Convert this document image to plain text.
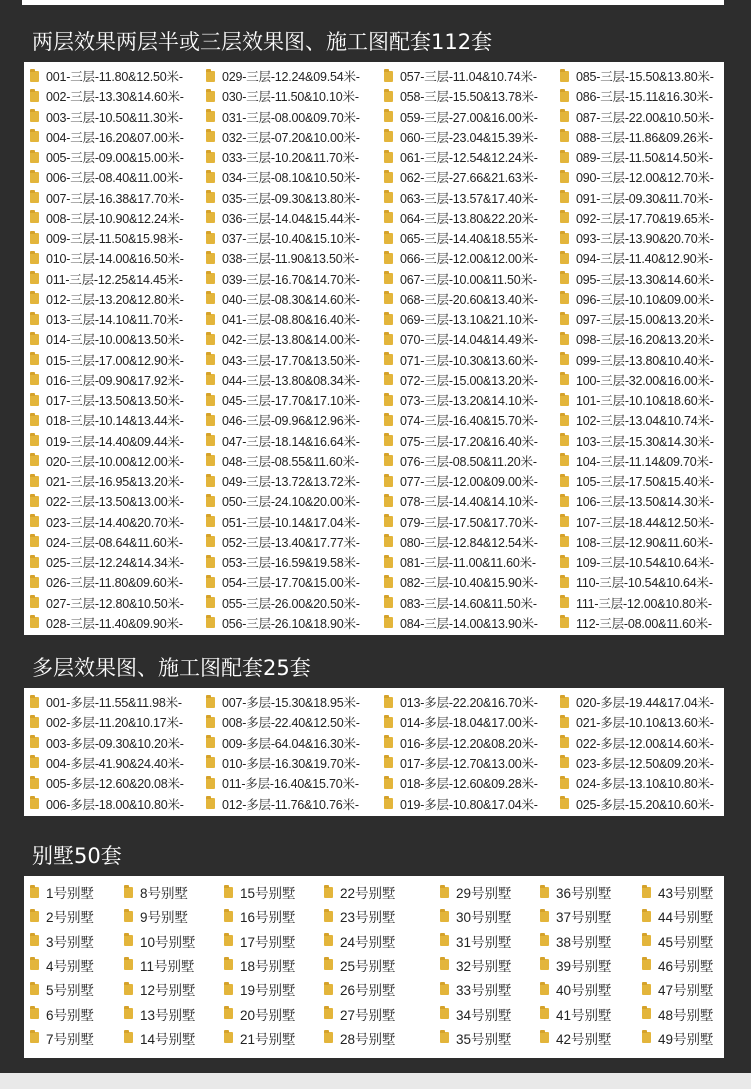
两层效果两层半或三层效果图、施工图配套112套
001-三层-11.80&12.50米-
002-三层-13.30&14.60米-
003-三层-10.50&11.30米-
004-三层-16.20&07.00米-
005-三层-09.00&15.00米-
006-三层-08.40&11.00米-
007-三层-16.38&17.70米-
008-三层-10.90&12.24米-
009-三层-11.50&15.98米-
010-三层-14.00&16.50米-
011-三层-12.25&14.45米-
012-三层-13.20&12.80米-
013-三层-14.10&11.70米-
014-三层-10.00&13.50米-
015-三层-17.00&12.90米-
016-三层-09.90&17.92米-
017-三层-13.50&13.50米-
018-三层-10.14&13.44米-
019-三层-14.40&09.44米-
020-三层-10.00&12.00米-
021-三层-16.95&13.20米-
022-三层-13.50&13.00米-
023-三层-14.40&20.70米-
024-三层-08.64&11.60米-
025-三层-12.24&14.34米-
026-三层-11.80&09.60米-
027-三层-12.80&10.50米-
028-三层-11.40&09.90米-
029-三层-12.24&09.54米-
030-三层-11.50&10.10米-
031-三层-08.00&09.70米-
032-三层-07.20&10.00米-
033-三层-10.20&11.70米-
034-三层-08.10&10.50米-
035-三层-09.30&13.80米-
036-三层-14.04&15.44米-
037-三层-10.40&15.10米-
038-三层-11.90&13.50米-
039-三层-16.70&14.70米-
040-三层-08.30&14.60米-
041-三层-08.80&16.40米-
042-三层-13.80&14.00米-
043-三层-17.70&13.50米-
044-三层-13.80&08.34米-
045-三层-17.70&17.10米-
046-三层-09.96&12.96米-
047-三层-18.14&16.64米-
048-三层-08.55&11.60米-
049-三层-13.72&13.72米-
050-三层-24.10&20.00米-
051-三层-10.14&17.04米-
052-三层-13.40&17.77米-
053-三层-16.59&19.58米-
054-三层-17.70&15.00米-
055-三层-26.00&20.50米-
056-三层-26.10&18.90米-
057-三层-11.04&10.74米-
058-三层-15.50&13.78米-
059-三层-27.00&16.00米-
060-三层-23.04&15.39米-
061-三层-12.54&12.24米-
062-三层-27.66&21.63米-
063-三层-13.57&17.40米-
064-三层-13.80&22.20米-
065-三层-14.40&18.55米-
066-三层-12.00&12.00米-
067-三层-10.00&11.50米-
068-三层-20.60&13.40米-
069-三层-13.10&21.10米-
070-三层-14.04&14.49米-
071-三层-10.30&13.60米-
072-三层-15.00&13.20米-
073-三层-13.20&14.10米-
074-三层-16.40&15.70米-
075-三层-17.20&16.40米-
076-三层-08.50&11.20米-
077-三层-12.00&09.00米-
078-三层-14.40&14.10米-
079-三层-17.50&17.70米-
080-三层-12.84&12.54米-
081-三层-11.00&11.60米-
082-三层-10.40&15.90米-
083-三层-14.60&11.50米-
084-三层-14.00&13.90米-
085-三层-15.50&13.80米-
086-三层-15.11&16.30米-
087-三层-22.00&10.50米-
088-三层-11.86&09.26米-
089-三层-11.50&14.50米-
090-三层-12.00&12.70米-
091-三层-09.30&11.70米-
092-三层-17.70&19.65米-
093-三层-13.90&20.70米-
094-三层-11.40&12.90米-
095-三层-13.30&14.60米-
096-三层-10.10&09.00米-
097-三层-15.00&13.20米-
098-三层-16.20&13.20米-
099-三层-13.80&10.40米-
100-三层-32.00&16.00米-
101-三层-10.10&18.60米-
102-三层-13.04&10.74米-
103-三层-15.30&14.30米-
104-三层-11.14&09.70米-
105-三层-17.50&15.40米-
106-三层-13.50&14.30米-
107-三层-18.44&12.50米-
108-三层-12.90&11.60米-
109-三层-10.54&10.64米-
110-三层-10.54&10.64米-
111-三层-12.00&10.80米-
112-三层-08.00&11.60米-
多层效果图、施工图配套25套
001-多层-11.55&11.98米-
002-多层-11.20&10.17米-
003-多层-09.30&10.20米-
004-多层-41.90&24.40米-
005-多层-12.60&20.08米-
006-多层-18.00&10.80米-
007-多层-15.30&18.95米-
008-多层-22.40&12.50米-
009-多层-64.04&16.30米-
010-多层-16.30&19.70米-
011-多层-16.40&15.70米-
012-多层-11.76&10.76米-
013-多层-22.20&16.70米-
014-多层-18.04&17.00米-
016-多层-12.20&08.20米-
017-多层-12.70&13.00米-
018-多层-12.60&09.28米-
019-多层-10.80&17.04米-
020-多层-19.44&17.04米-
021-多层-10.10&13.60米-
022-多层-12.00&14.60米-
023-多层-12.50&09.20米-
024-多层-13.10&10.80米-
025-多层-15.20&10.60米-
别墅50套
1号别墅
2号别墅
3号别墅
4号别墅
5号别墅
6号别墅
7号别墅
8号别墅
9号别墅
10号别墅
11号别墅
12号别墅
13号别墅
14号别墅
15号别墅
16号别墅
17号别墅
18号别墅
19号别墅
20号别墅
21号别墅
22号别墅
23号别墅
24号别墅
25号别墅
26号别墅
27号别墅
28号别墅
29号别墅
30号别墅
31号别墅
32号别墅
33号别墅
34号别墅
35号别墅
36号别墅
37号别墅
38号别墅
39号别墅
40号别墅
41号别墅
42号别墅
43号别墅
44号别墅
45号别墅
46号别墅
47号别墅
48号别墅
49号别墅
